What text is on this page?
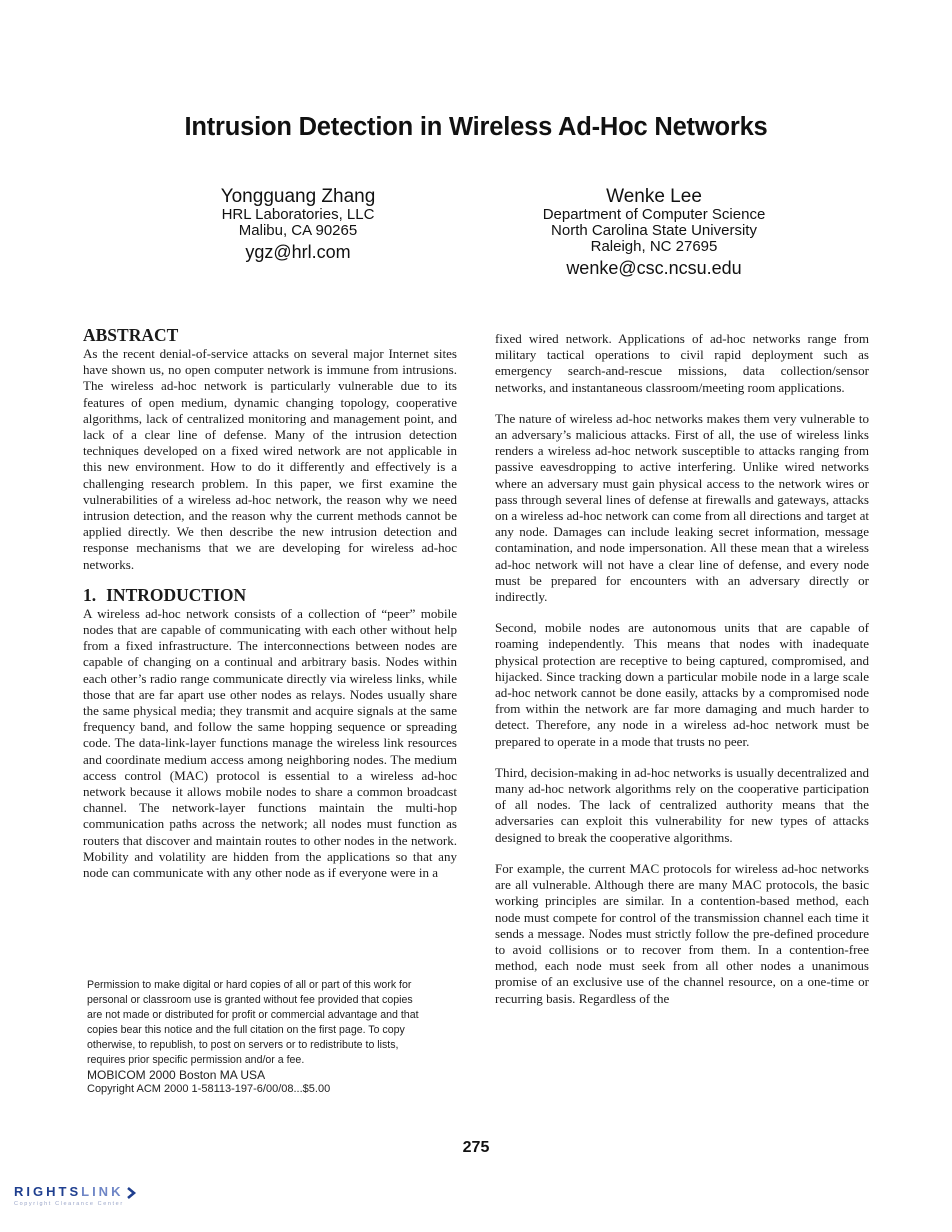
Intrusion Detection in Wireless Ad-Hoc Networks
Yongguang Zhang
HRL Laboratories, LLC
Malibu, CA 90265
ygz@hrl.com
Wenke Lee
Department of Computer Science
North Carolina State University
Raleigh, NC 27695
wenke@csc.ncsu.edu
ABSTRACT

As the recent denial-of-service attacks on several major Internet sites have shown us, no open computer network is immune from intrusions. The wireless ad-hoc network is particularly vulnerable due to its features of open medium, dynamic changing topology, cooperative algorithms, lack of centralized monitoring and management point, and lack of a clear line of defense. Many of the intrusion detection techniques developed on a fixed wired network are not applicable in this new environment. How to do it differently and effectively is a challenging research problem. In this paper, we first examine the vulnerabilities of a wireless ad-hoc network, the reason why we need intrusion detection, and the reason why the current methods cannot be applied directly. We then describe the new intrusion detection and response mechanisms that we are developing for wireless ad-hoc networks.

1. INTRODUCTION

A wireless ad-hoc network consists of a collection of “peer” mobile nodes that are capable of communicating with each other without help from a fixed infrastructure. The interconnections between nodes are capable of changing on a continual and arbitrary basis. Nodes within each other’s radio range communicate directly via wireless links, while those that are far apart use other nodes as relays. Nodes usually share the same physical media; they transmit and acquire signals at the same frequency band, and follow the same hopping sequence or spreading code. The data-link-layer functions manage the wireless link resources and coordinate medium access among neighboring nodes. The medium access control (MAC) protocol is essential to a wireless ad-hoc network because it allows mobile nodes to share a common broadcast channel. The network-layer functions maintain the multi-hop communication paths across the network; all nodes must function as routers that discover and maintain routes to other nodes in the network. Mobility and volatility are hidden from the applications so that any node can communicate with any other node as if everyone were in a

fixed wired network. Applications of ad-hoc networks range from military tactical operations to civil rapid deployment such as emergency search-and-rescue missions, data collection/sensor networks, and instantaneous classroom/meeting room applications.

The nature of wireless ad-hoc networks makes them very vulnerable to an adversary’s malicious attacks. First of all, the use of wireless links renders a wireless ad-hoc network susceptible to attacks ranging from passive eavesdropping to active interfering. Unlike wired networks where an adversary must gain physical access to the network wires or pass through several lines of defense at firewalls and gateways, attacks on a wireless ad-hoc network can come from all directions and target at any node. Damages can include leaking secret information, message contamination, and node impersonation. All these mean that a wireless ad-hoc network will not have a clear line of defense, and every node must be prepared for encounters with an adversary directly or indirectly.

Second, mobile nodes are autonomous units that are capable of roaming independently. This means that nodes with inadequate physical protection are receptive to being captured, compromised, and hijacked. Since tracking down a particular mobile node in a large scale ad-hoc network cannot be done easily, attacks by a compromised node from within the network are far more damaging and much harder to detect. Therefore, any node in a wireless ad-hoc network must be prepared to operate in a mode that trusts no peer.

Third, decision-making in ad-hoc networks is usually decentralized and many ad-hoc network algorithms rely on the cooperative participation of all nodes. The lack of centralized authority means that the adversaries can exploit this vulnerability for new types of attacks designed to break the cooperative algorithms.

For example, the current MAC protocols for wireless ad-hoc networks are all vulnerable. Although there are many MAC protocols, the basic working principles are similar. In a contention-based method, each node must compete for control of the transmission channel each time it sends a message. Nodes must strictly follow the pre-defined procedure to avoid collisions or to recover from them. In a contention-free method, each node must seek from all other nodes a unanimous promise of an exclusive use of the channel resource, on a one-time or recurring basis. Regardless of the

Permission to make digital or hard copies of all or part of this work for
personal or classroom use is granted without fee provided that copies
are not made or distributed for profit or commercial advantage and that
copies bear this notice and the full citation on the first page. To copy
otherwise, to republish, to post on servers or to redistribute to lists,
requires prior specific permission and/or a fee.
MOBICOM 2000 Boston MA USA
Copyright ACM 2000 1-58113-197-6/00/08...$5.00
275
RIGHTSLINK
Copyright Clearance Center
